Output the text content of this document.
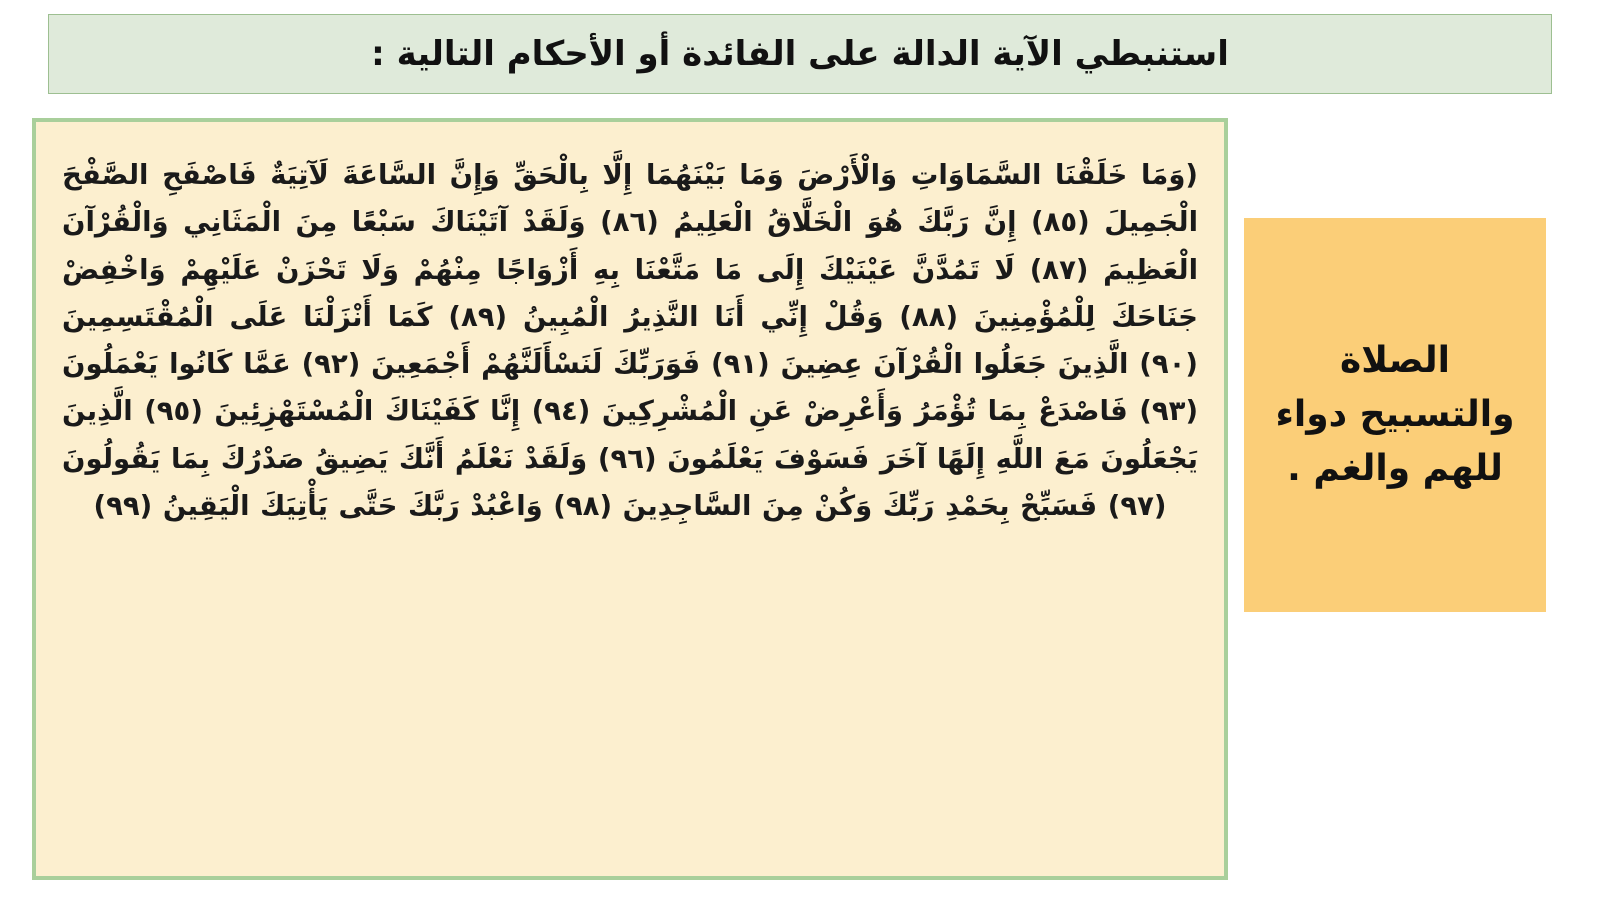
استنبطي الآية الدالة على الفائدة أو الأحكام التالية :
(وَمَا خَلَقْنَا السَّمَاوَاتِ وَالْأَرْضَ وَمَا بَيْنَهُمَا إِلَّا بِالْحَقِّ وَإِنَّ السَّاعَةَ لَآتِيَةٌ فَاصْفَحِ الصَّفْحَ الْجَمِيلَ (٨٥) إِنَّ رَبَّكَ هُوَ الْخَلَّاقُ الْعَلِيمُ (٨٦) وَلَقَدْ آتَيْنَاكَ سَبْعًا مِنَ الْمَثَانِي وَالْقُرْآنَ الْعَظِيمَ (٨٧) لَا تَمُدَّنَّ عَيْنَيْكَ إِلَى مَا مَتَّعْنَا بِهِ أَزْوَاجًا مِنْهُمْ وَلَا تَحْزَنْ عَلَيْهِمْ وَاخْفِضْ جَنَاحَكَ لِلْمُؤْمِنِينَ (٨٨) وَقُلْ إِنِّي أَنَا النَّذِيرُ الْمُبِينُ (٨٩) كَمَا أَنْزَلْنَا عَلَى الْمُقْتَسِمِينَ (٩٠) الَّذِينَ جَعَلُوا الْقُرْآنَ عِضِينَ (٩١) فَوَرَبِّكَ لَنَسْأَلَنَّهُمْ أَجْمَعِينَ (٩٢) عَمَّا كَانُوا يَعْمَلُونَ (٩٣) فَاصْدَعْ بِمَا تُؤْمَرُ وَأَعْرِضْ عَنِ الْمُشْرِكِينَ (٩٤) إِنَّا كَفَيْنَاكَ الْمُسْتَهْزِئِينَ (٩٥) الَّذِينَ يَجْعَلُونَ مَعَ اللَّهِ إِلَهًا آخَرَ فَسَوْفَ يَعْلَمُونَ (٩٦) وَلَقَدْ نَعْلَمُ أَنَّكَ يَضِيقُ صَدْرُكَ بِمَا يَقُولُونَ (٩٧) فَسَبِّحْ بِحَمْدِ رَبِّكَ وَكُنْ مِنَ السَّاجِدِينَ (٩٨) وَاعْبُدْ رَبَّكَ حَتَّى يَأْتِيَكَ الْيَقِينُ (٩٩)
الصلاة والتسبيح دواء للهم والغم .
